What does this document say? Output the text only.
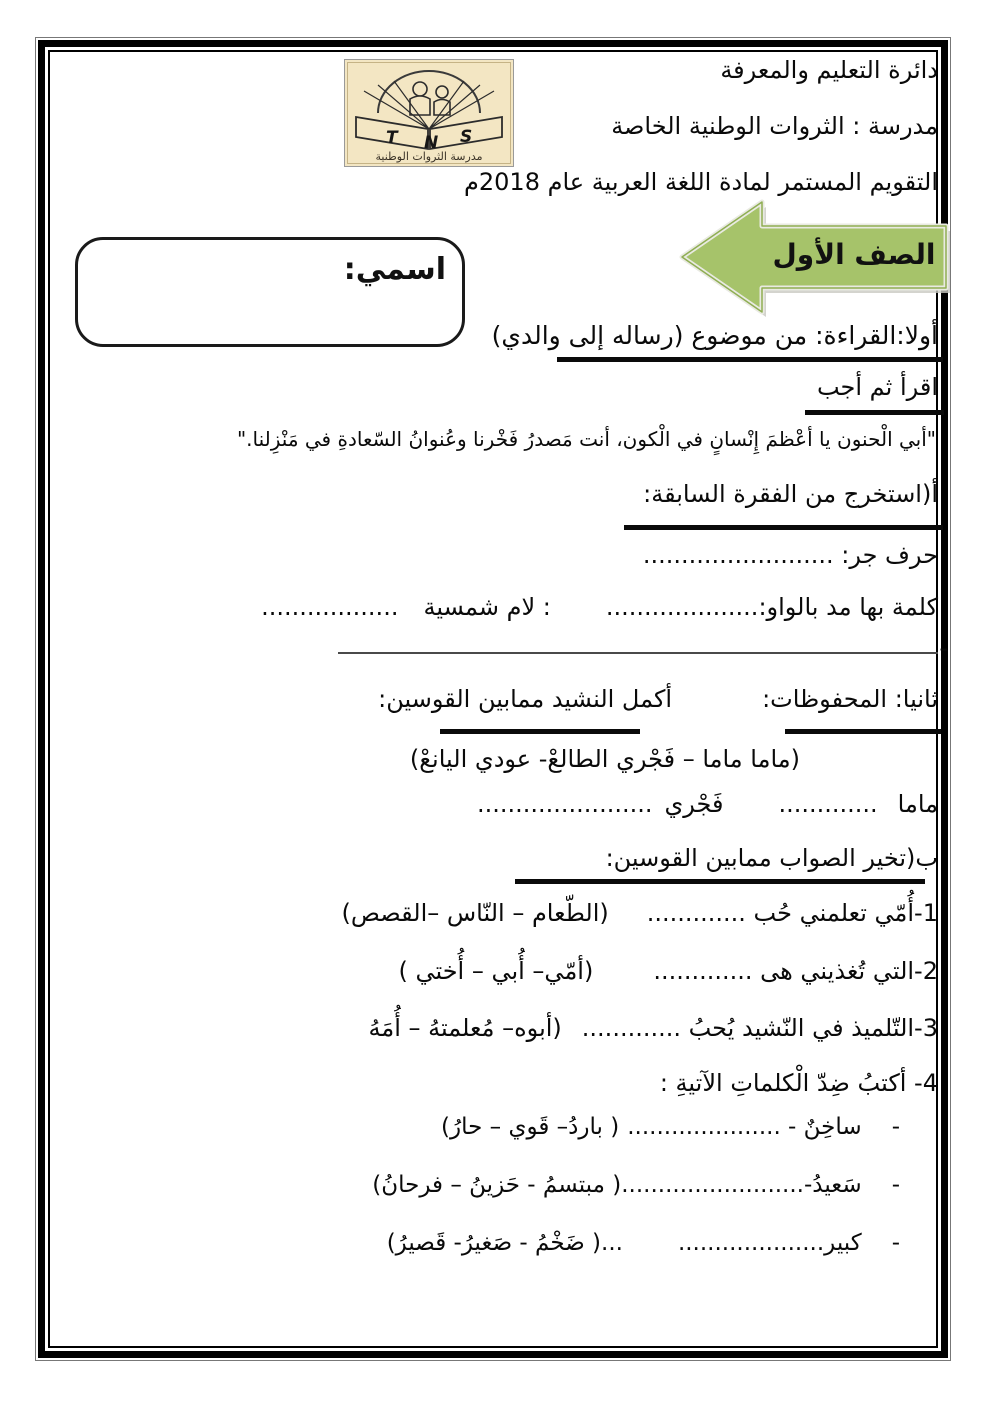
دائرة التعليم والمعرفة
مدرسة : الثروات الوطنية الخاصة
التقويم المستمر لمادة اللغة العربية عام 2018م
T N S
مدرسة الثروات الوطنية
الصف الأول
اسمي:
أولا:القراءة: من موضوع (رساله إلى والدي)
اقرأ ثم أجب
"أبي الْحنون يا أعْظمَ إِنْسانٍ في الْكون، أنت مَصدرُ فَخْرنا وعُنوانُ السّعادةِ في مَنْزِلنا."
أ(استخرج من الفقرة السابقة:
حرف جر: .........................
كلمة بها مد بالواو:....................: لام شمسية..................
-
ثانيا: المحفوظات:أكمل النشيد ممابين القوسين:
(ماما ماما – فَجْري الطالعْ- عودي اليانعْ)
ماما.............فَجْري.......................
ب(تخير الصواب ممابين القوسين:
1-أُمّي تعلمني حُب .............(الطّعام – النّاس –القصص)
2-التي تُغذيني هى .............(أمّي– أُبي – أُختي )
3-التّلميذ في النّشيد يُحبُ .............(أبوه– مُعلمتهُ – أُمَهُ
4- أكتبُ ضِدّ الْكلماتِ الآتيةِ :
-ساخِنٌ - .....................( باردُ– قَوي – حارُ)
-سَعيدُ-.........................( مبتسمُ - حَزينُ – فرحانُ)
-كبير.......................( ضَخْمُ - صَغيرُ- قَصيرُ)
